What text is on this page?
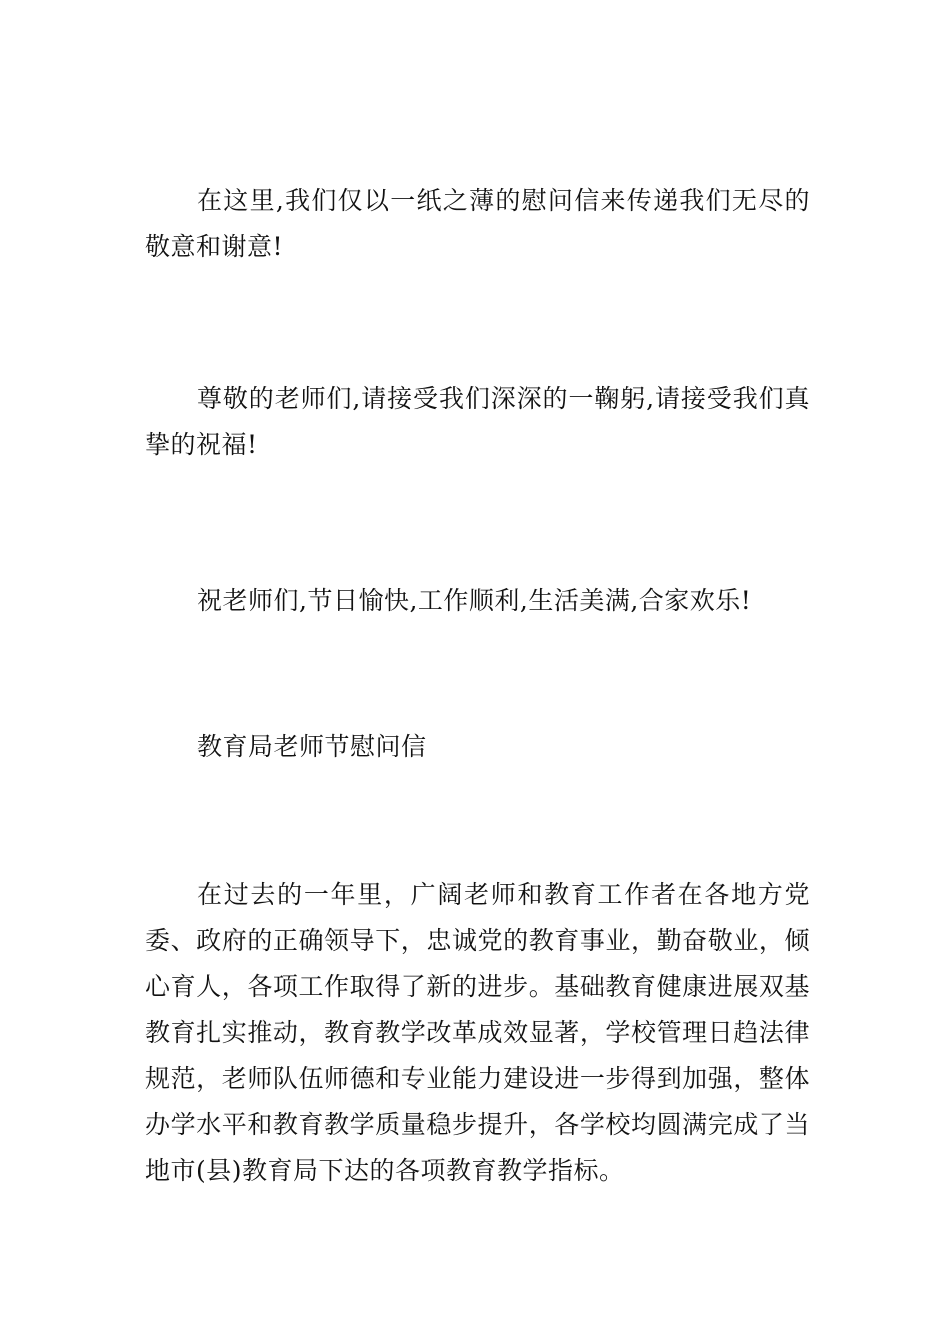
在这里,我们仅以一纸之薄的慰问信来传递我们无尽的敬意和谢意!

尊敬的老师们,请接受我们深深的一鞠躬,请接受我们真挚的祝福!

祝老师们,节日愉快,工作顺利,生活美满,合家欢乐!

教育局老师节慰问信

在过去的一年里，广阔老师和教育工作者在各地方党委、政府的正确领导下，忠诚党的教育事业，勤奋敬业，倾心育人，各项工作取得了新的进步。基础教育健康进展双基教育扎实推动，教育教学改革成效显著，学校管理日趋法律规范，老师队伍师德和专业能力建设进一步得到加强，整体办学水平和教育教学质量稳步提升，各学校均圆满完成了当地市(县)教育局下达的各项教育教学指标。
